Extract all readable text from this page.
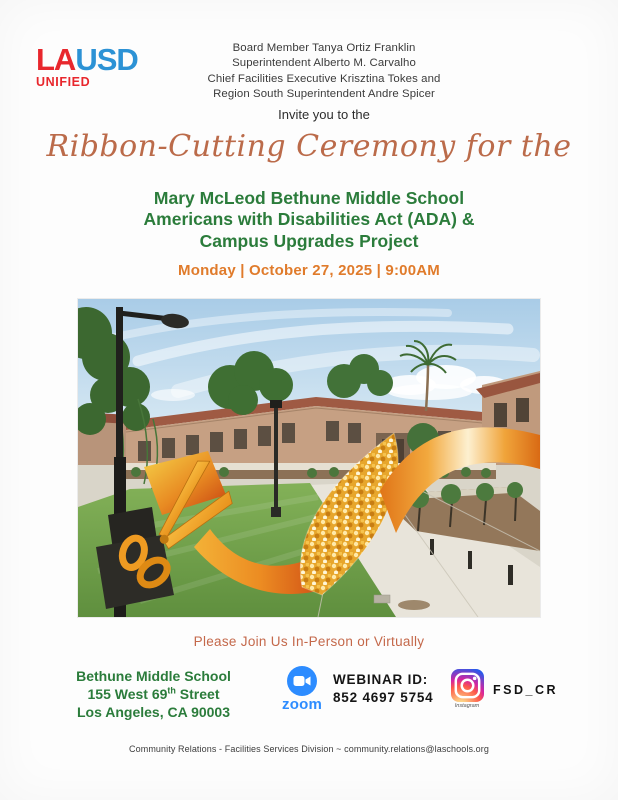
LAUSD
UNIFIED
Board Member Tanya Ortiz Franklin
Superintendent Alberto M. Carvalho
Chief Facilities Executive Krisztina Tokes and
Region South Superintendent Andre Spicer
Invite you to the
Ribbon-Cutting Ceremony for the
Mary McLeod Bethune Middle School
Americans with Disabilities Act (ADA) &
Campus Upgrades Project
Monday | October 27, 2025 | 9:00AM
Please Join Us In-Person or Virtually
Bethune Middle School
155 West 69th Street
Los Angeles, CA 90003	zoom
WEBINAR ID:
852 4697 5754
Instagram
FSD_CR
Community Relations - Facilities Services Division ~ community.relations@laschools.org
